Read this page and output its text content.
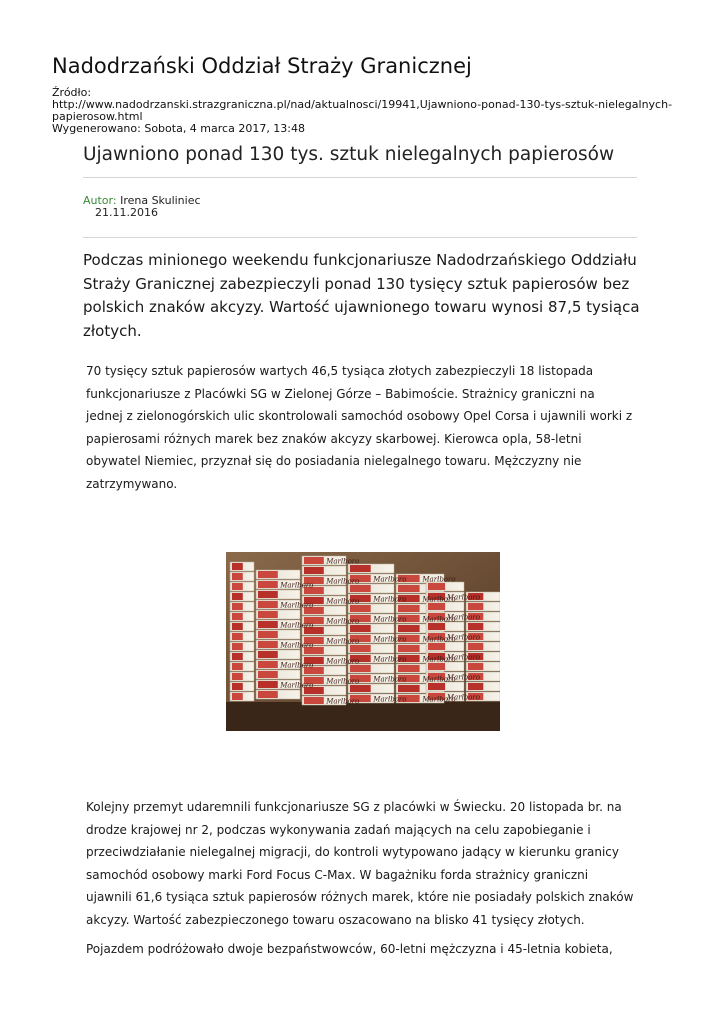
Nadodrzański Oddział Straży Granicznej
Źródło:

http://www.nadodrzanski.strazgraniczna.pl/nad/aktualnosci/19941,Ujawniono-ponad-130-tys-sztuk-nielegalnych-papierosow.html
Wygenerowano: Sobota, 4 marca 2017, 13:48
Ujawniono ponad 130 tys. sztuk nielegalnych papierosów
Autor: Irena Skuliniec
21.11.2016

Podczas minionego weekendu funkcjonariusze Nadodrzańskiego Oddziału Straży Granicznej zabezpieczyli ponad 130 tysięcy sztuk papierosów bez polskich znaków akcyzy. Wartość ujawnionego towaru wynosi 87,5 tysiąca złotych.

70 tysięcy sztuk papierosów wartych 46,5 tysiąca złotych zabezpieczyli 18 listopada funkcjonariusze z Placówki SG w Zielonej Górze – Babimoście. Strażnicy graniczni na jednej z zielonogórskich ulic skontrolowali samochód osobowy Opel Corsa i ujawnili worki z papierosami różnych marek bez znaków akcyzy skarbowej. Kierowca opla, 58-letni obywatel Niemiec, przyznał się do posiadania nielegalnego towaru. Mężczyzny nie zatrzymywano.

Marlboro
Marlboro
Marlboro
Marlboro
Marlboro
Marlboro
Marlboro
Marlboro
Marlboro
Marlboro
Marlboro
Marlboro
Marlboro
Marlboro
Marlboro
Marlboro
Marlboro
Marlboro
Marlboro
Marlboro
Marlboro
Marlboro
Marlboro
Marlboro
Marlboro
Marlboro
Marlboro
Marlboro
Marlboro
Marlboro
Marlboro
Marlboro
Marlboro
Marlboro

Kolejny przemyt udaremnili funkcjonariusze SG z placówki w Świecku. 20 listopada br. na drodze krajowej nr 2, podczas wykonywania zadań mających na celu zapobieganie i przeciwdziałanie nielegalnej migracji, do kontroli wytypowano jadący w kierunku granicy samochód osobowy marki Ford Focus C-Max. W bagażniku forda strażnicy graniczni ujawnili 61,6 tysiąca sztuk papierosów różnych marek, które nie posiadały polskich znaków akcyzy. Wartość zabezpieczonego towaru oszacowano na blisko 41 tysięcy złotych.

Pojazdem podróżowało dwoje bezpaństwowców, 60-letni mężczyzna i 45-letnia kobieta,
